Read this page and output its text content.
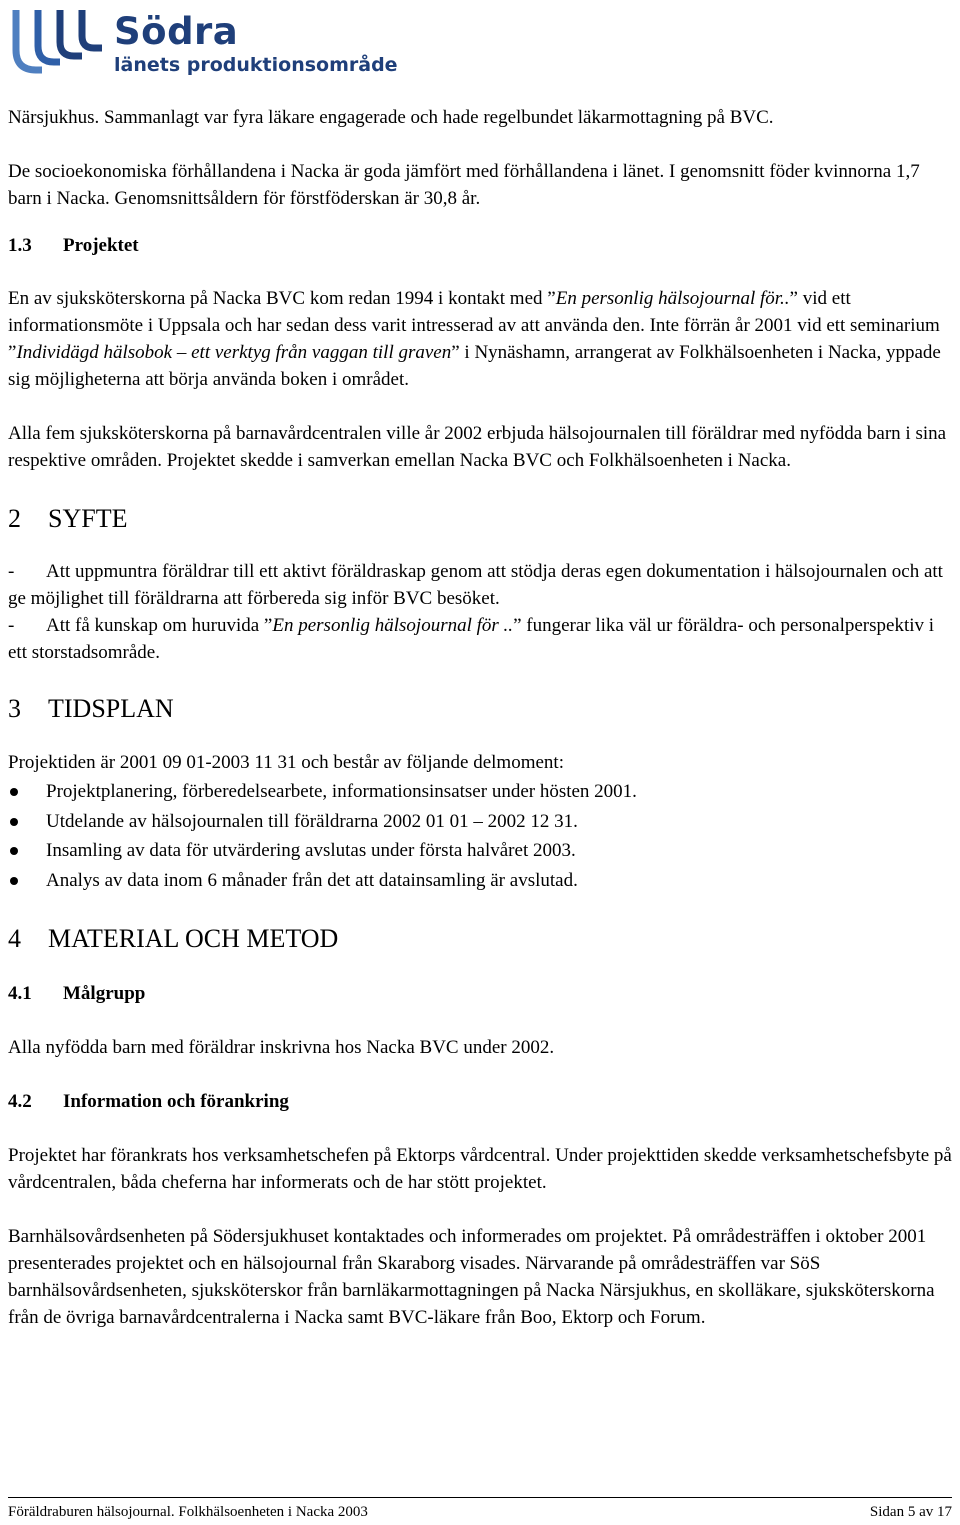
Södra
länets produktionsområde

Närsjukhus. Sammanlagt var fyra läkare engagerade och hade regelbundet läkarmottagning på BVC.

De socioekonomiska förhållandena i Nacka är goda jämfört med förhållandena i länet. I genomsnitt föder kvinnorna 1,7 barn i Nacka. Genomsnittsåldern för förstföderskan är 30,8 år.

1.3	Projektet

En av sjuksköterskorna på Nacka BVC kom redan 1994 i kontakt med ”En personlig hälsojournal för..” vid ett informationsmöte i Uppsala och har sedan dess varit intresserad av att använda den. Inte förrän år 2001 vid ett seminarium ”Individägd hälsobok – ett verktyg från vaggan till graven” i Nynäshamn, arrangerat av Folkhälsoenheten i Nacka, yppade sig möjligheterna att börja använda boken i området.

Alla fem sjuksköterskorna på barnavårdcentralen ville år 2002 erbjuda hälsojournalen till föräldrar med nyfödda barn i sina respektive områden. Projektet skedde i samverkan emellan Nacka BVC och Folkhälsoenheten i Nacka.

2	SYFTE
- Att uppmuntra föräldrar till ett aktivt föräldraskap genom att stödja deras egen dokumentation i hälsojournalen och att ge möjlighet till föräldrarna att förbereda sig inför BVC besöket.
- Att få kunskap om huruvida ”En personlig hälsojournal för ..” fungerar lika väl ur föräldra- och personalperspektiv i ett storstadsområde.
3	TIDSPLAN

Projektiden är 2001 09 01-2003 11 31 och består av följande delmoment:

Projektplanering, förberedelsearbete, informationsinsatser under hösten 2001.
Utdelande av hälsojournalen till föräldrarna 2002 01 01 – 2002 12 31.
Insamling av data för utvärdering avslutas under första halvåret 2003.
Analys av data inom 6 månader från det att datainsamling är avslutad.
4	MATERIAL OCH METOD
4.1	Målgrupp

Alla nyfödda barn med föräldrar inskrivna hos Nacka BVC under 2002.

4.2	Information och förankring

Projektet har förankrats hos verksamhetschefen på Ektorps vårdcentral. Under projekttiden skedde verksamhetschefsbyte på vårdcentralen, båda cheferna har informerats och de har stött projektet.

Barnhälsovårdsenheten på Södersjukhuset kontaktades och informerades om projektet. På områdesträffen i oktober 2001 presenterades projektet och en hälsojournal från Skaraborg visades. Närvarande på områdesträffen var SöS barnhälsovårdsenheten, sjuksköterskor från barnläkarmottagningen på Nacka Närsjukhus, en skolläkare, sjuksköterskorna från de övriga barnavårdcentralerna i Nacka samt BVC-läkare från Boo, Ektorp och Forum.

Föräldraburen hälsojournal. Folkhälsoenheten i Nacka 2003	Sidan 5 av 17
